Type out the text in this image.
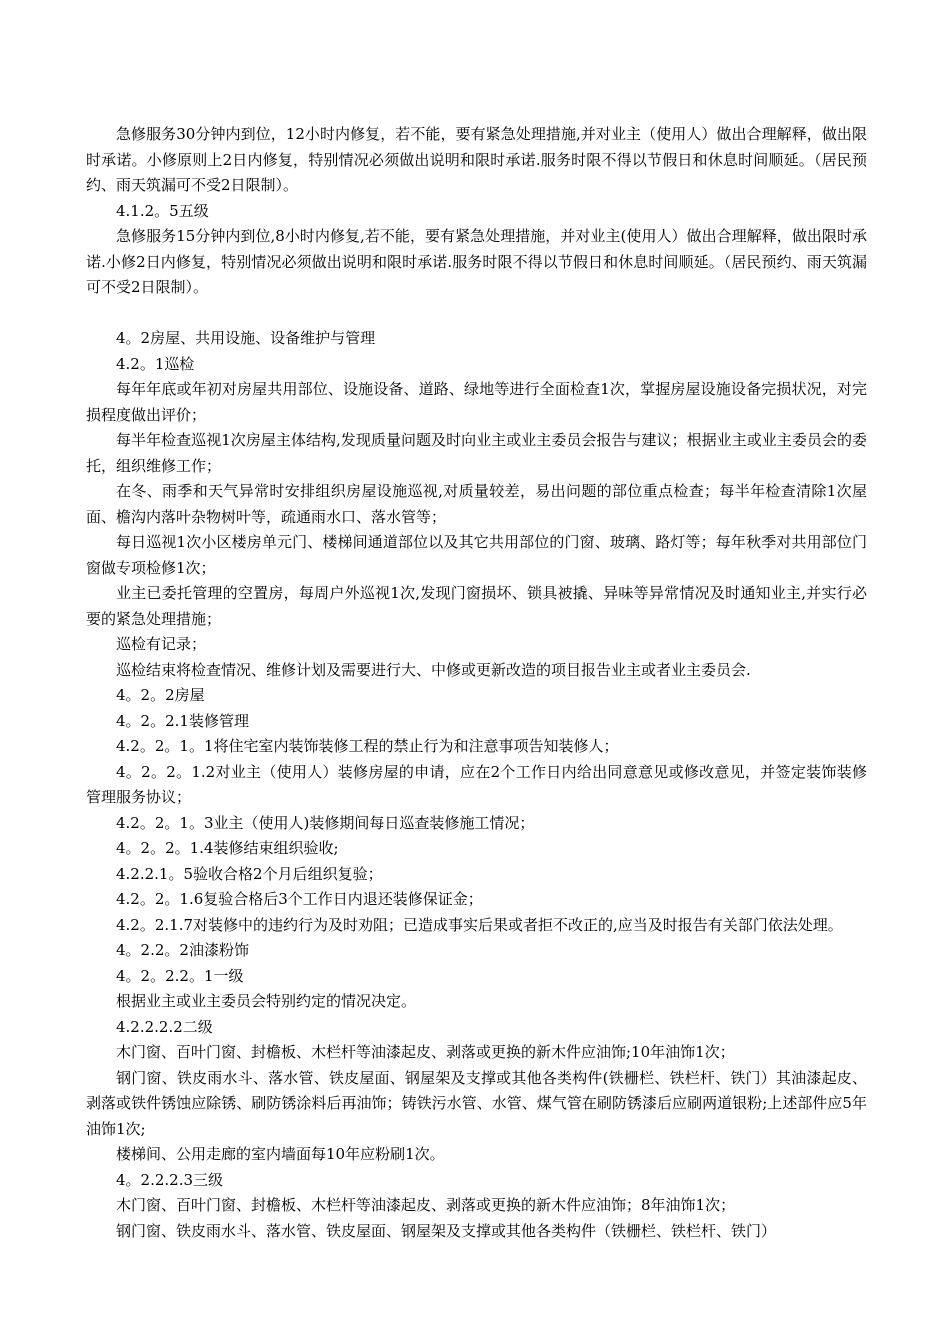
急修服务30分钟内到位，12小时内修复，若不能，要有紧急处理措施,并对业主（使用人）做出合理解释，做出限时承诺。小修原则上2日内修复，特别情况必须做出说明和限时承诺.服务时限不得以节假日和休息时间顺延。（居民预约、雨天筑漏可不受2日限制）。

4.1.2。5五级

急修服务15分钟内到位,8小时内修复,若不能，要有紧急处理措施，并对业主(使用人）做出合理解释，做出限时承诺.小修2日内修复，特别情况必须做出说明和限时承诺.服务时限不得以节假日和休息时间顺延。（居民预约、雨天筑漏可不受2日限制）。

4。2房屋、共用设施、设备维护与管理

4.2。1巡检

每年年底或年初对房屋共用部位、设施设备、道路、绿地等进行全面检查1次，掌握房屋设施设备完损状况，对完损程度做出评价；

每半年检查巡视1次房屋主体结构,发现质量问题及时向业主或业主委员会报告与建议；根据业主或业主委员会的委托，组织维修工作；

在冬、雨季和天气异常时安排组织房屋设施巡视,对质量较差，易出问题的部位重点检查；每半年检查清除1次屋面、檐沟内落叶杂物树叶等，疏通雨水口、落水管等；

每日巡视1次小区楼房单元门、楼梯间通道部位以及其它共用部位的门窗、玻璃、路灯等；每年秋季对共用部位门窗做专项检修1次；

业主已委托管理的空置房，每周户外巡视1次,发现门窗损坏、锁具被撬、异味等异常情况及时通知业主,并实行必要的紧急处理措施；

巡检有记录；

巡检结束将检查情况、维修计划及需要进行大、中修或更新改造的项目报告业主或者业主委员会.

4。2。2房屋

4。2。2.1装修管理

4.2。2。1。1将住宅室内装饰装修工程的禁止行为和注意事项告知装修人；

4。2。2。1.2对业主（使用人）装修房屋的申请，应在2个工作日内给出同意意见或修改意见，并签定装饰装修管理服务协议；

4.2。2。1。3业主（使用人)装修期间每日巡查装修施工情况；

4。2。2。1.4装修结束组织验收;

4.2.2.1。5验收合格2个月后组织复验；

4.2。2。1.6复验合格后3个工作日内退还装修保证金；

4.2。2.1.7对装修中的违约行为及时劝阻；已造成事实后果或者拒不改正的,应当及时报告有关部门依法处理。

4。2.2。2油漆粉饰

4。2。2.2。1一级

根据业主或业主委员会特别约定的情况决定。

4.2.2.2.2二级

木门窗、百叶门窗、封檐板、木栏杆等油漆起皮、剥落或更换的新木件应油饰;10年油饰1次；

钢门窗、铁皮雨水斗、落水管、铁皮屋面、钢屋架及支撑或其他各类构件(铁栅栏、铁栏杆、铁门）其油漆起皮、剥落或铁件锈蚀应除锈、刷防锈涂料后再油饰；铸铁污水管、水管、煤气管在刷防锈漆后应刷两道银粉;上述部件应5年油饰1次;

楼梯间、公用走廊的室内墙面每10年应粉刷1次。

4。2.2.2.3三级

木门窗、百叶门窗、封檐板、木栏杆等油漆起皮、剥落或更换的新木件应油饰；8年油饰1次；

钢门窗、铁皮雨水斗、落水管、铁皮屋面、钢屋架及支撑或其他各类构件（铁栅栏、铁栏杆、铁门）
